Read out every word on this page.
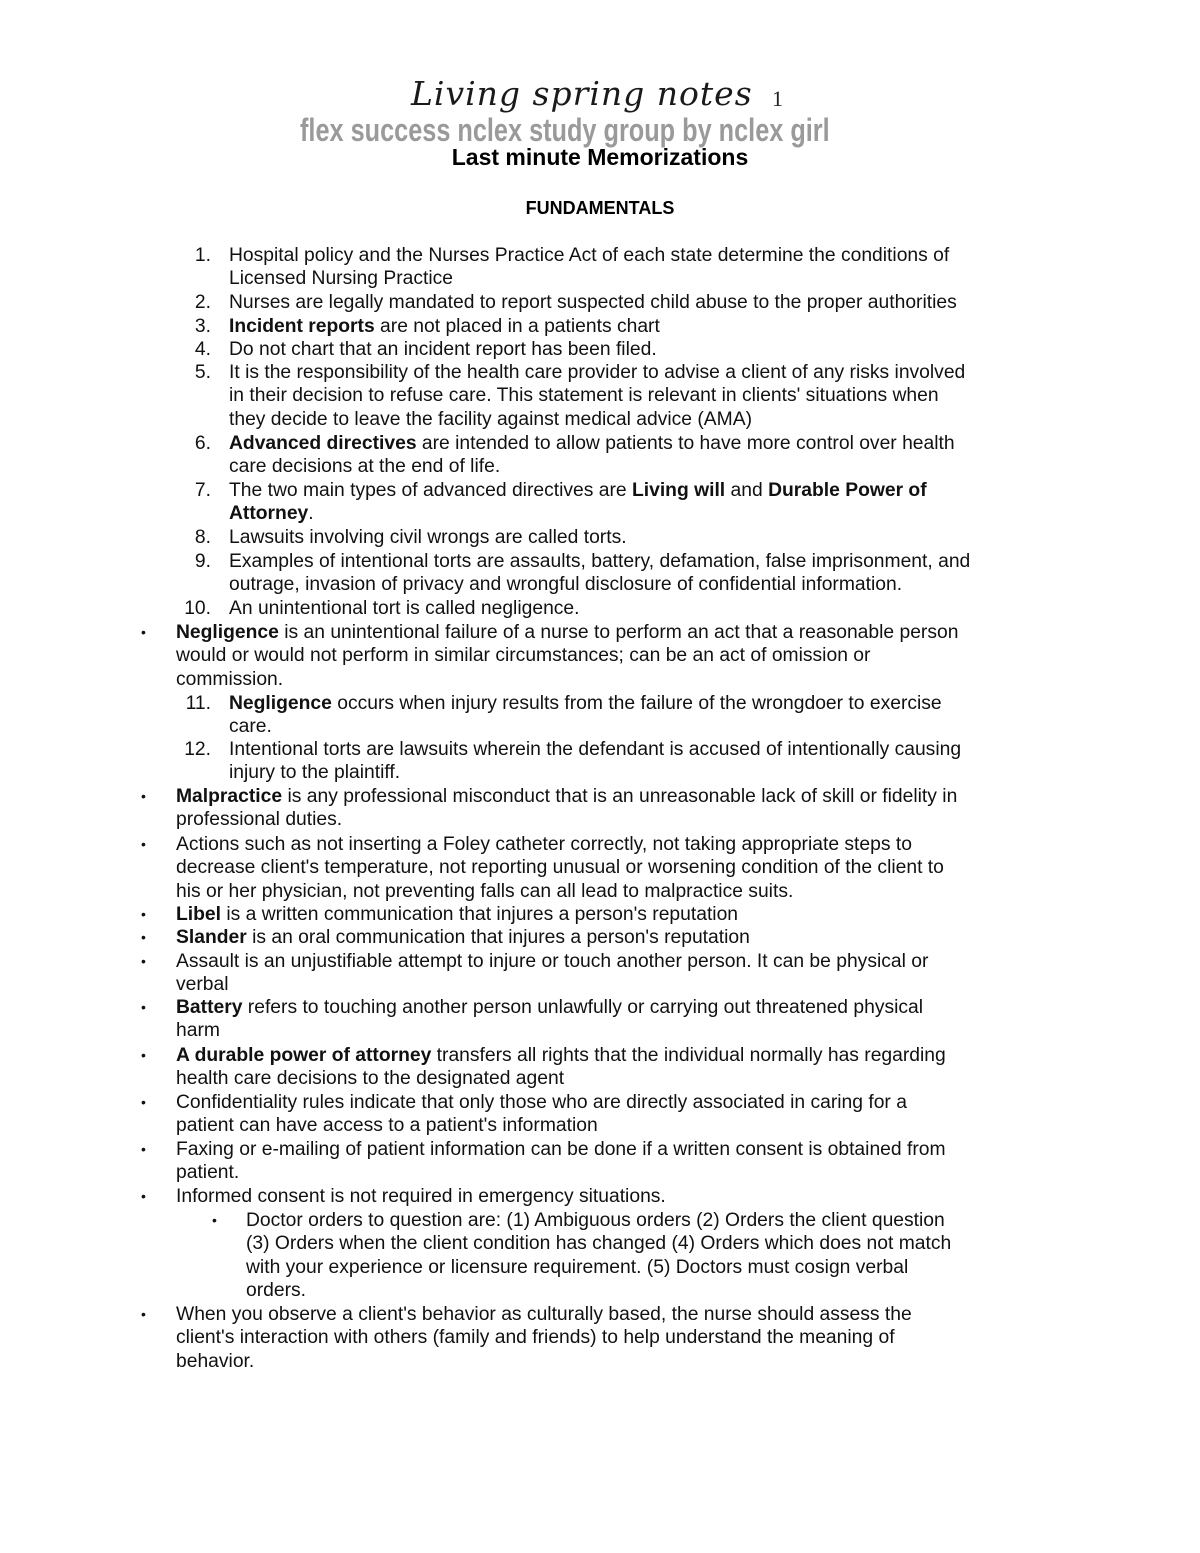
Living spring notes 1
flex success nclex study group by nclex girl
Last minute Memorizations
FUNDAMENTALS
1. Hospital policy and the Nurses Practice Act of each state determine the conditions of
Licensed Nursing Practice
2. Nurses are legally mandated to report suspected child abuse to the proper authorities
3. Incident reports are not placed in a patients chart
4. Do not chart that an incident report has been filed.
5. It is the responsibility of the health care provider to advise a client of any risks involved
in their decision to refuse care. This statement is relevant in clients' situations when
they decide to leave the facility against medical advice (AMA)
6. Advanced directives are intended to allow patients to have more control over health
care decisions at the end of life.
7. The two main types of advanced directives are Living will and Durable Power of
Attorney.
8. Lawsuits involving civil wrongs are called torts.
9. Examples of intentional torts are assaults, battery, defamation, false imprisonment, and
outrage, invasion of privacy and wrongful disclosure of confidential information.
10. An unintentional tort is called negligence.
• Negligence is an unintentional failure of a nurse to perform an act that a reasonable person
would or would not perform in similar circumstances; can be an act of omission or
commission.
11. Negligence occurs when injury results from the failure of the wrongdoer to exercise
care.
12. Intentional torts are lawsuits wherein the defendant is accused of intentionally causing
injury to the plaintiff.
• Malpractice is any professional misconduct that is an unreasonable lack of skill or fidelity in
professional duties.
• Actions such as not inserting a Foley catheter correctly, not taking appropriate steps to
decrease client's temperature, not reporting unusual or worsening condition of the client to
his or her physician, not preventing falls can all lead to malpractice suits.
• Libel is a written communication that injures a person's reputation
• Slander is an oral communication that injures a person's reputation
• Assault is an unjustifiable attempt to injure or touch another person. It can be physical or
verbal
• Battery refers to touching another person unlawfully or carrying out threatened physical
harm
• A durable power of attorney transfers all rights that the individual normally has regarding
health care decisions to the designated agent
• Confidentiality rules indicate that only those who are directly associated in caring for a
patient can have access to a patient's information
• Faxing or e-mailing of patient information can be done if a written consent is obtained from
patient.
• Informed consent is not required in emergency situations.
• Doctor orders to question are: (1) Ambiguous orders (2) Orders the client question
(3) Orders when the client condition has changed (4) Orders which does not match
with your experience or licensure requirement. (5) Doctors must cosign verbal
orders.
• When you observe a client's behavior as culturally based, the nurse should assess the
client's interaction with others (family and friends) to help understand the meaning of
behavior.
